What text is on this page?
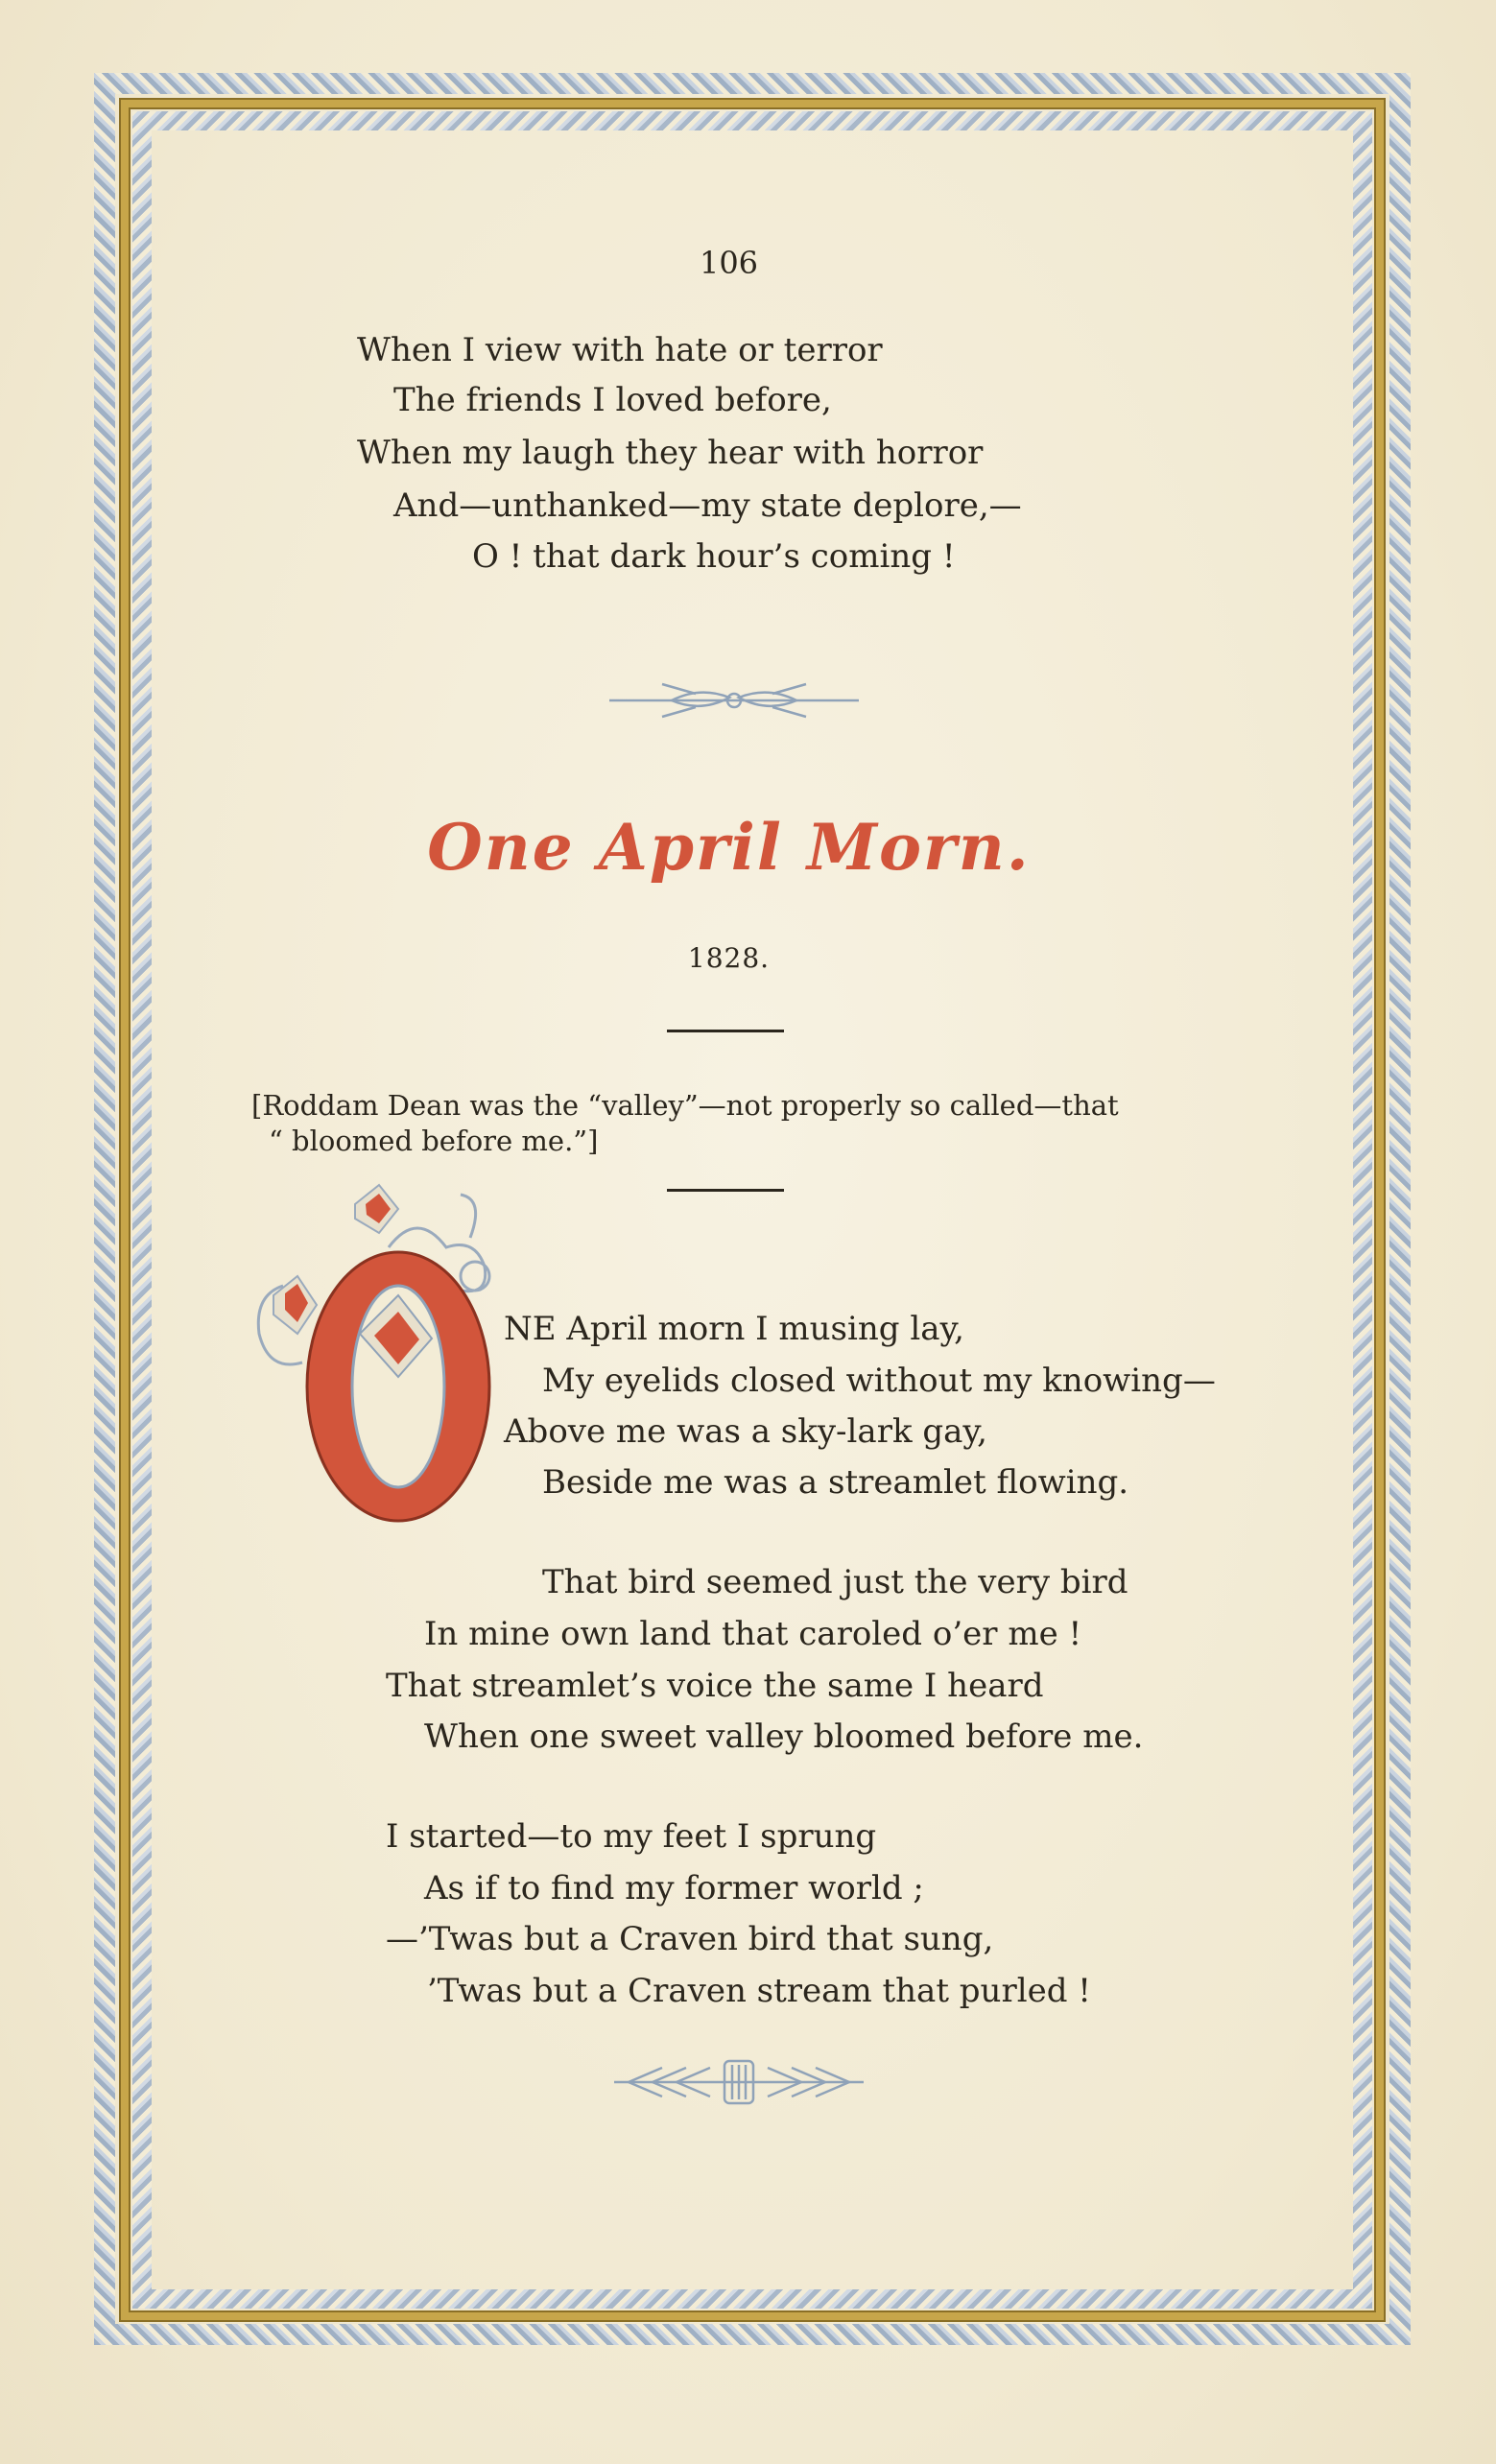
106
When I view with hate or terror
The friends I loved before,
When my laugh they hear with horror
And—unthanked—my state deplore,—
O ! that dark hour’s coming !
One April Morn.
1828.
[Roddam Dean was the “valley”—not properly so called—that
“ bloomed before me.”]
O
NE April morn I musing lay,
My eyelids closed without my knowing—
Above me was a sky-lark gay,
Beside me was a streamlet flowing.
That bird seemed just the very bird
In mine own land that caroled o’er me !
That streamlet’s voice the same I heard
When one sweet valley bloomed before me.
I started—to my feet I sprung
As if to find my former world ;
—’Twas but a Craven bird that sung,
’Twas but a Craven stream that purled !
